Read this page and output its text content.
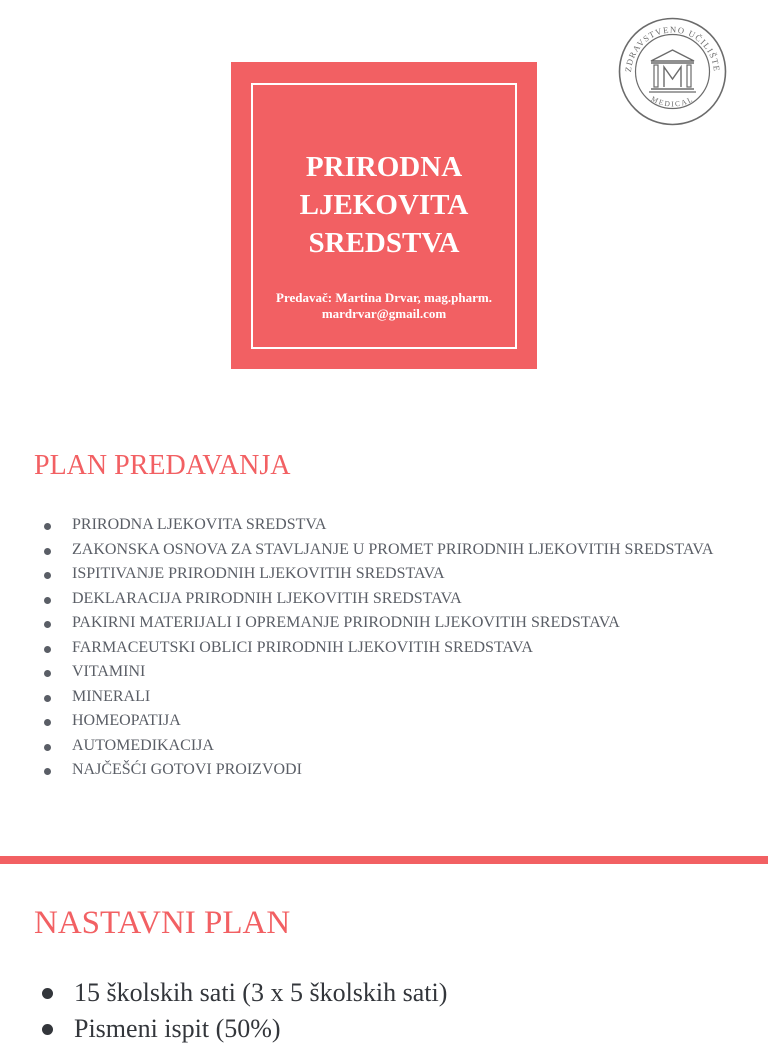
PRIRODNA
LJEKOVITA
SREDSTVA
Predavač: Martina Drvar, mag.pharm.
mardrvar@gmail.com
ZDRAVSTVENO UČILIŠTE
MEDICAL
PLAN PREDAVANJA
PRIRODNA LJEKOVITA SREDSTVA
ZAKONSKA OSNOVA ZA STAVLJANJE U PROMET PRIRODNIH LJEKOVITIH SREDSTAVA
ISPITIVANJE PRIRODNIH LJEKOVITIH SREDSTAVA
DEKLARACIJA PRIRODNIH LJEKOVITIH SREDSTAVA
PAKIRNI MATERIJALI I OPREMANJE PRIRODNIH LJEKOVITIH SREDSTAVA
FARMACEUTSKI OBLICI PRIRODNIH LJEKOVITIH SREDSTAVA
VITAMINI
MINERALI
HOMEOPATIJA
AUTOMEDIKACIJA
NAJČEŠĆI GOTOVI PROIZVODI
NASTAVNI PLAN
15 školskih sati (3 x 5 školskih sati)
Pismeni ispit (50%)
